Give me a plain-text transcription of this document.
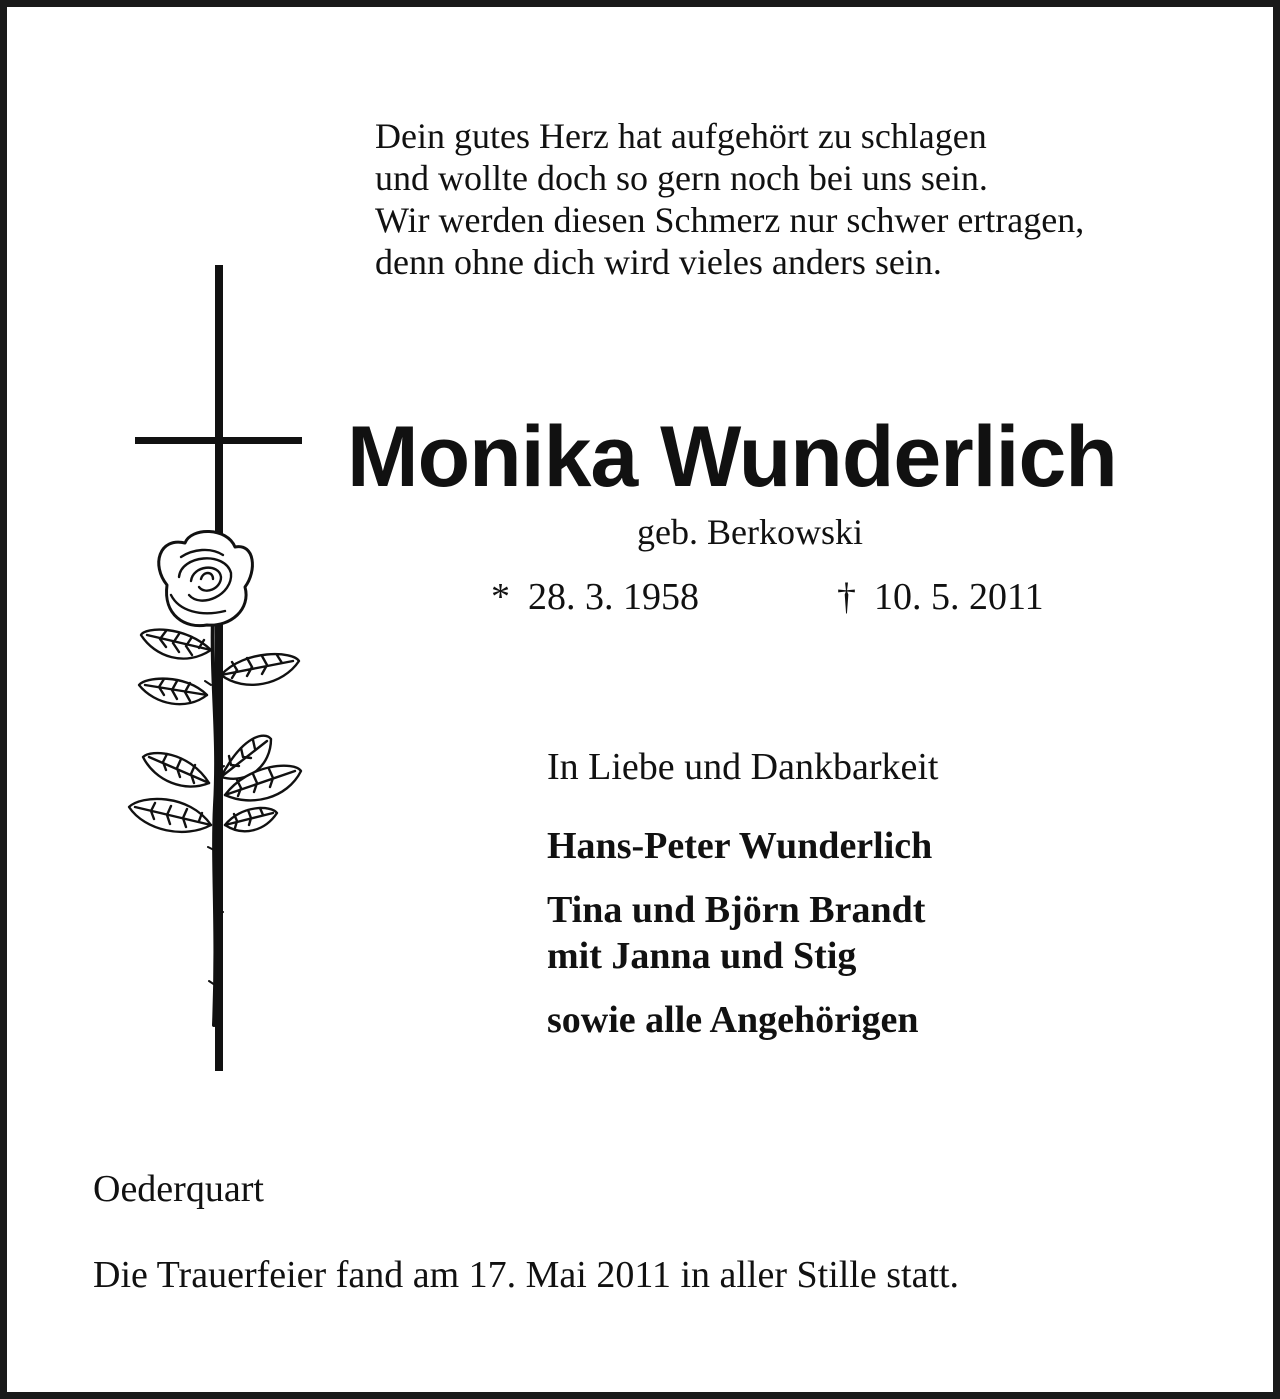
Dein gutes Herz hat aufgehört zu schlagen
und wollte doch so gern noch bei uns sein.
Wir werden diesen Schmerz nur schwer ertragen,
denn ohne dich wird vieles anders sein.
Monika Wunderlich
geb. Berkowski
* 28. 3. 1958	† 10. 5. 2011
In Liebe und Dankbarkeit
Hans-Peter Wunderlich
Tina und Björn Brandt
mit Janna und Stig
sowie alle Angehörigen
Oederquart
Die Trauerfeier fand am 17. Mai 2011 in aller Stille statt.
